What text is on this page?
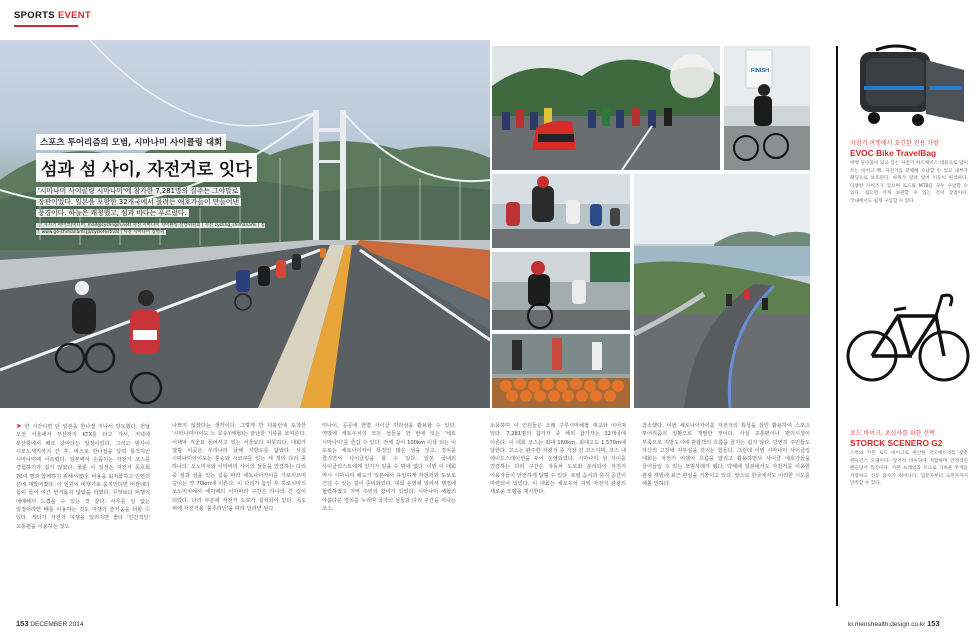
SPORTS EVENT
스포츠 투어리즘의 모범, 시마나미 사이클링 대회 섬과 섬 사이, 자전거로 잇다
'시마나미 사이클링 시마나미'에 참가한 7,281명의 질주는 그야말로 장관이었다. 일본을 포함한 32개국에서 몰려든 애호가들이 만들어낸 풍경이다. 하늘은 쾌청했고, 섬과 바다는 푸르렀다.
글 사사키 에이코(미디어, mail@cyclingin.net) 사진 시마나미 사이클링 실행위원회 | 사진 cycling_shimanami | 참조 www.go-shimanami.jp/cyclefestival | 사진 시마나미 집행위
FINISH
➤ 한 시간이면 단 일본을 한나절 지나서 당도했다. 전날 오전 서울에서 부산까지 KTX를 타고 가서, 저녁에 부산항에서 배로 갈아타는 일정이었다. 그리고 밤사이 시모노세키까지 간 후, 버스로 반나절을 달려 목적지인 시마나미에 이르렀다. 일본에서 손꼽히는 자전거 코스를 경험하기가 쉽지 않았다. 물론 이 일정은 자전거 동호회 70여 명과 함께하기 위해서였다. 비용을 최저화하고 인연의 끈에 재밌어졌다. 이 인원이 비행기로 움직인다면 비싼데다 힘이 들어 여간 번거롭지 않았을 터였다. 무엇보다 비행기 애매해서 느꼈을 수 있는 것 같다. 사무를 일 없는 일정이라면 배를 이용하는 것도 여행의 즐거움을 더할 수 있다. 게다가 자전거 여행을 일러지면 좋다 '인간적인' 교통편을 이용하는 것도
나쁘지 않겠다는 생각이다. 그렇게 반 더블런에 도착한 '시마나미아이도 노 호슈'(해협)는 끝난한 기류를 보여준다. 이제막 겨울로 들어서고 있는 서울보다 따뜻하다. 대회가 열릴 이곳은 우리나라 남해 지방도를 닮았다. 사실 시마나미아이도는 혼슈와 시코쿠를 잇는 세 개의 다리 중 하나다. 오노미치와 이마바리 사이의 섬들을 연결하는 다리 중 섬과 섬을 잇는 길을 따라 세토나이카이를 가로지르며 길이는 약 70km에 이른다. 이 다리가 놓인 후 히로시마의 오노미치에서 에히메의 이마바리 구간은 하나의 긴 길이 되었다. 다리 부분에 자전거 도로가 설치되어 있다. 지도 위에 자전거용 '블루라인'을 따라 달리면 된다.
미나이, 공공에 한법 사이클 히라섬을 활용할 수 있다. 역방에 세토우치의 모든 섬들을 한 번에 잇는 '세토 시마나미'를 즐길 수 있다. 전체 길이 100km 이상 되는 이 도로는 세토나이카이 특징인 많은 섬을 잇고, 경치를 즐기면서 사이클링을 할 수 있다. 일본 국내외 사이클리스트에게 인기가 있을 수 밖에 없다. 이번 이 대회 역시 시마나미 해도가 일본에서 유일하게 자전거와 도보로 건널 수 있는 길이 준비되었다. 대회 운영에 있어서 행정에 협력하였고 지역 주민의 참여가 있었다. 시마나미 해협의 아름다운 경치를 누리며 국가의 섬들과 다리 구간을 지나는 코스.
소풍하며 이 인원들은 오래 구루시마해협 대교와 이어져 있다. 7,281명의 참가자 중 해외 참가자는 32개국에 이른다. 이 대회 코스는 최대 160km, 최대고도 1,570m에 달한다. 코스는 완주한 자전거 중 가장 긴 코스이며, 코스 내 에이드스테이션을 두어 운영되었다. 시마나미 섬 사이를 연결하는 다리 구간은 자동차 도로와 분리되어 자전거 이용자들이 안전하게 달릴 수 있다. 로컬 음식과 휴식 공간이 마련되어 있었다. 이 대회는 세토우치 지역 자전거 관광의 새로운 모델을 제시한다.
참소했다. 이번 세토나이카이를 자전거의 특성을 살린 활용하여 스포츠 투어리즘의 일환으로 개발한 것이다. 사실 교통편이나 편의시설이 부족으로 지방도시에 관광객의 흐름을 끌기는 쉽지 않다. 당연히 주민들도 자신의 고장에 자부심을 갖기는 힘들다. 그런데 이번 시마나미 사이클링 대회는 자전거 여행이 흐름을 알리고 활용하면서 사이클 애호가들을 끌어들일 수 있는 모범사례가 됐다. 약해에 일본에서도 자전거를 이용한 관광 개발에 최근 관심을 기울이고 있다. 앞으로 한국에서도 이러한 시도를 해볼 만하다.
자전거 여행에서 요긴한 전용 가방
EVOC Bike TravelBag
여행 필수품이 되고 있는 자전거 하드케이스 대용으로 많이 쓰는 바이크 백. 자전거를 분해해 수납할 수 있고 내부가 패딩으로 보호된다. 바퀴가 달려 있어 이동이 편리하다. 다양한 사이즈가 있으며 로드와 MTB를 모두 수납할 수 있다. 접으면 작게 보관할 수 있는 것이 장점이다. 국내에서도 쉽게 구입할 수 있다.
로드 바이크, 초심자를 위한 선택
STORCK SCENERO G2
스톡의 카본 로드 바이크로 편안한 지오메트리를 갖춘 엔듀런스 모델이다. 장거리 라이딩에 적합하며 안정적인 핸들링이 특징이다. 카본 프레임과 포크로 가벼운 무게를 자랑하고 진동 흡수가 뛰어나다. 입문자부터 숙련자까지 만족할 수 있다.
153 DECEMBER 2014	kr.menshealth.design.co.kr 153
